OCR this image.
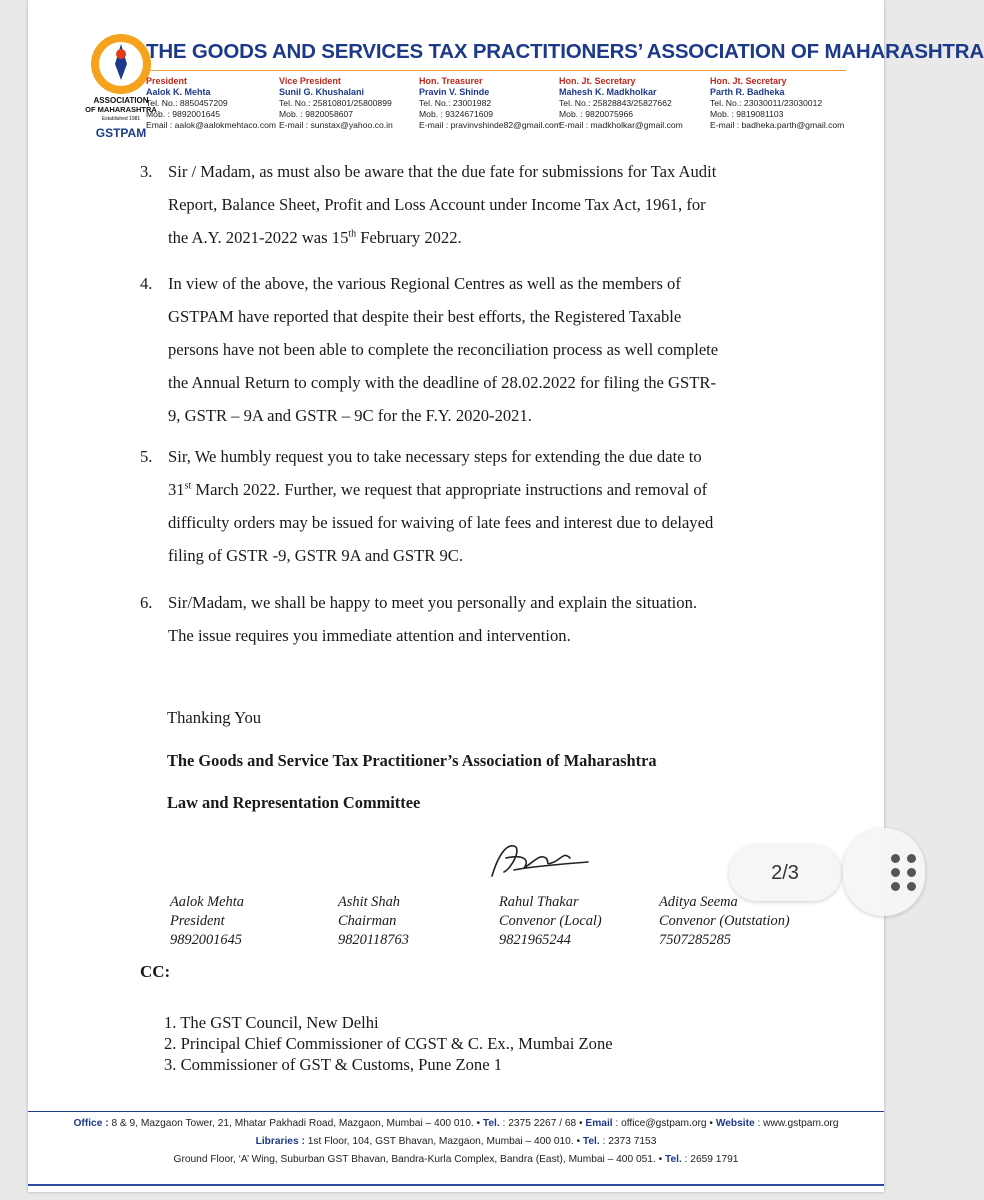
ASSOCIATION
OF MAHARASHTRA
Established 1981
GSTPAM
THE GOODS AND SERVICES TAX PRACTITIONERS’ ASSOCIATION OF MAHARASHTRA
President
Aalok K. Mehta
Tel. No.: 8850457209
Mob. : 9892001645
Email : aalok@aalokmehtaco.com
Vice President
Sunil G. Khushalani
Tel. No.: 25810801/25800899
Mob. : 9820058607
E-mail : sunstax@yahoo.co.in
Hon. Treasurer
Pravin V. Shinde
Tel. No.: 23001982
Mob. : 9324671609
E-mail : pravinvshinde82@gmail.com
Hon. Jt. Secretary
Mahesh K. Madkholkar
Tel. No.: 25828843/25827662
Mob. : 9820075966
E-mail : madkholkar@gmail.com
Hon. Jt. Secretary
Parth R. Badheka
Tel. No.: 23030011/23030012
Mob. : 9819081103
E-mail : badheka.parth@gmail.com
3. Sir / Madam, as must also be aware that the due fate for submissions for Tax Audit
Report, Balance Sheet, Profit and Loss Account under Income Tax Act, 1961, for
the A.Y. 2021-2022 was 15th February 2022.
4. In view of the above, the various Regional Centres as well as the members of
GSTPAM have reported that despite their best efforts, the Registered Taxable
persons have not been able to complete the reconciliation process as well complete
the Annual Return to comply with the deadline of 28.02.2022 for filing the GSTR-
9, GSTR – 9A and GSTR – 9C for the F.Y. 2020-2021.
5. Sir, We humbly request you to take necessary steps for extending the due date to
31st March 2022. Further, we request that appropriate instructions and removal of
difficulty orders may be issued for waiving of late fees and interest due to delayed
filing of GSTR -9, GSTR 9A and GSTR 9C.
6. Sir/Madam, we shall be happy to meet you personally and explain the situation.
The issue requires you immediate attention and intervention.
Thanking You
The Goods and Service Tax Practitioner’s Association of Maharashtra
Law and Representation Committee
Aalok Mehta
President
9892001645
Ashit Shah
Chairman
9820118763
Rahul Thakar
Convenor (Local)
9821965244
Aditya Seema
Convenor (Outstation)
7507285285
CC:
1. The GST Council, New Delhi
2. Principal Chief Commissioner of CGST & C. Ex., Mumbai Zone
3. Commissioner of GST & Customs, Pune Zone 1
Office : 8 & 9, Mazgaon Tower, 21, Mhatar Pakhadi Road, Mazgaon, Mumbai – 400 010. • Tel. : 2375 2267 / 68 • Email : office@gstpam.org • Website : www.gstpam.org
Libraries : 1st Floor, 104, GST Bhavan, Mazgaon, Mumbai – 400 010. • Tel. : 2373 7153
Ground Floor, ‘A’ Wing, Suburban GST Bhavan, Bandra-Kurla Complex, Bandra (East), Mumbai – 400 051. • Tel. : 2659 1791
2/3
